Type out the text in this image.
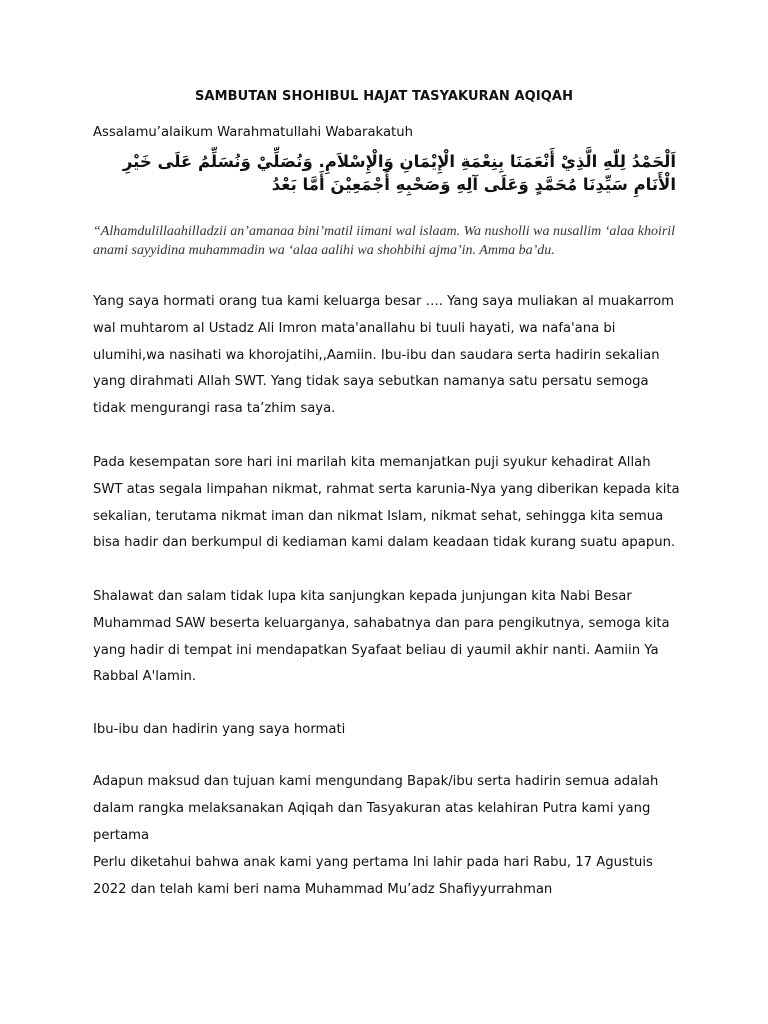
SAMBUTAN SHOHIBUL HAJAT TASYAKURAN AQIQAH
Assalamu’alaikum Warahmatullahi Wabarakatuh
اَلْحَمْدُ لِلّٰهِ الَّذِيْ أَنْعَمَنَا بِنِعْمَةِ الْإِيْمَانِ وَالْإِسْلاَمِ. وَنُصَلِّيْ وَنُسَلِّمُ عَلَى خَيْرِ الْأَنَامِ سَيِّدِنَا مُحَمَّدٍ وَعَلَى آلِهِ وَصَحْبِهِ أَجْمَعِيْنَ أَمَّا بَعْدُ
“Alhamdulillaahilladzii an’amanaa bini’matil iimani wal islaam. Wa nusholli wa nusallim ‘alaa khoiril anami sayyidina muhammadin wa ‘alaa aalihi wa shohbihi ajma’in. Amma ba’du.
Yang saya hormati orang tua kami keluarga besar …. Yang saya muliakan al muakarrom wal muhtarom al Ustadz Ali Imron mata'anallahu bi tuuli hayati, wa nafa'ana bi ulumihi,wa nasihati wa khorojatihi,,Aamiin. Ibu-ibu dan saudara serta hadirin sekalian yang dirahmati Allah SWT. Yang tidak saya sebutkan namanya satu persatu semoga tidak mengurangi rasa ta’zhim saya.
Pada kesempatan sore hari ini marilah kita memanjatkan puji syukur kehadirat Allah SWT atas segala limpahan nikmat, rahmat serta karunia-Nya yang diberikan kepada kita sekalian, terutama nikmat iman dan nikmat Islam, nikmat sehat, sehingga kita semua bisa hadir dan berkumpul di kediaman kami dalam keadaan tidak kurang suatu apapun.
Shalawat dan salam tidak lupa kita sanjungkan kepada junjungan kita Nabi Besar Muhammad SAW beserta keluarganya, sahabatnya dan para pengikutnya, semoga kita yang hadir di tempat ini mendapatkan Syafaat beliau di yaumil akhir nanti. Aamiin Ya Rabbal A'lamin.
Ibu-ibu dan hadirin yang saya hormati
Adapun maksud dan tujuan kami mengundang Bapak/ibu serta hadirin semua adalah dalam rangka melaksanakan Aqiqah dan Tasyakuran atas kelahiran Putra kami yang pertama
Perlu diketahui bahwa anak kami yang pertama Ini lahir pada hari Rabu, 17 Agustuis 2022 dan telah kami beri nama Muhammad Mu’adz Shafiyyurrahman
